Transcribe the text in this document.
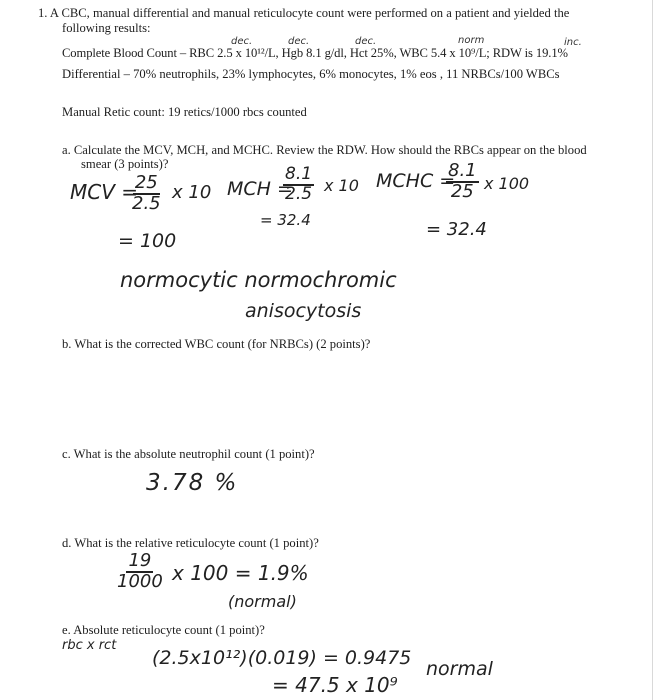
1. A CBC, manual differential and manual reticulocyte count were performed on a patient and yielded the
following results:
dec.	dec.	dec.	norm	inc.
Complete Blood Count – RBC 2.5 x 10¹²/L, Hgb 8.1 g/dl, Hct 25%, WBC 5.4 x 10⁹/L; RDW is 19.1%
Differential – 70% neutrophils, 23% lymphocytes, 6% monocytes, 1% eos , 11 NRBCs/100 WBCs
Manual Retic count: 19 retics/1000 rbcs counted
a. Calculate the MCV, MCH, and MCHC. Review the RDW. How should the RBCs appear on the blood
smear (3 points)?
MCV =
$\frac{25}{2.5}$ x 10
= 100
MCH =
$\frac{8.1}{2.5}$ x 10
= 32.4
MCHC =
$\frac{8.1}{25}$ x 100
= 32.4
normocytic normochromic
anisocytosis
b. What is the corrected WBC count (for NRBCs) (2 points)?
c. What is the absolute neutrophil count (1 point)?
3.78 %
d. What is the relative reticulocyte count (1 point)?
$\frac{19}{1000}$ x 100 = 1.9%
(normal)
e. Absolute reticulocyte count (1 point)?
rbc x rct
(2.5x10¹²)(0.019) = 0.9475
= 47.5 x 10⁹
normal
